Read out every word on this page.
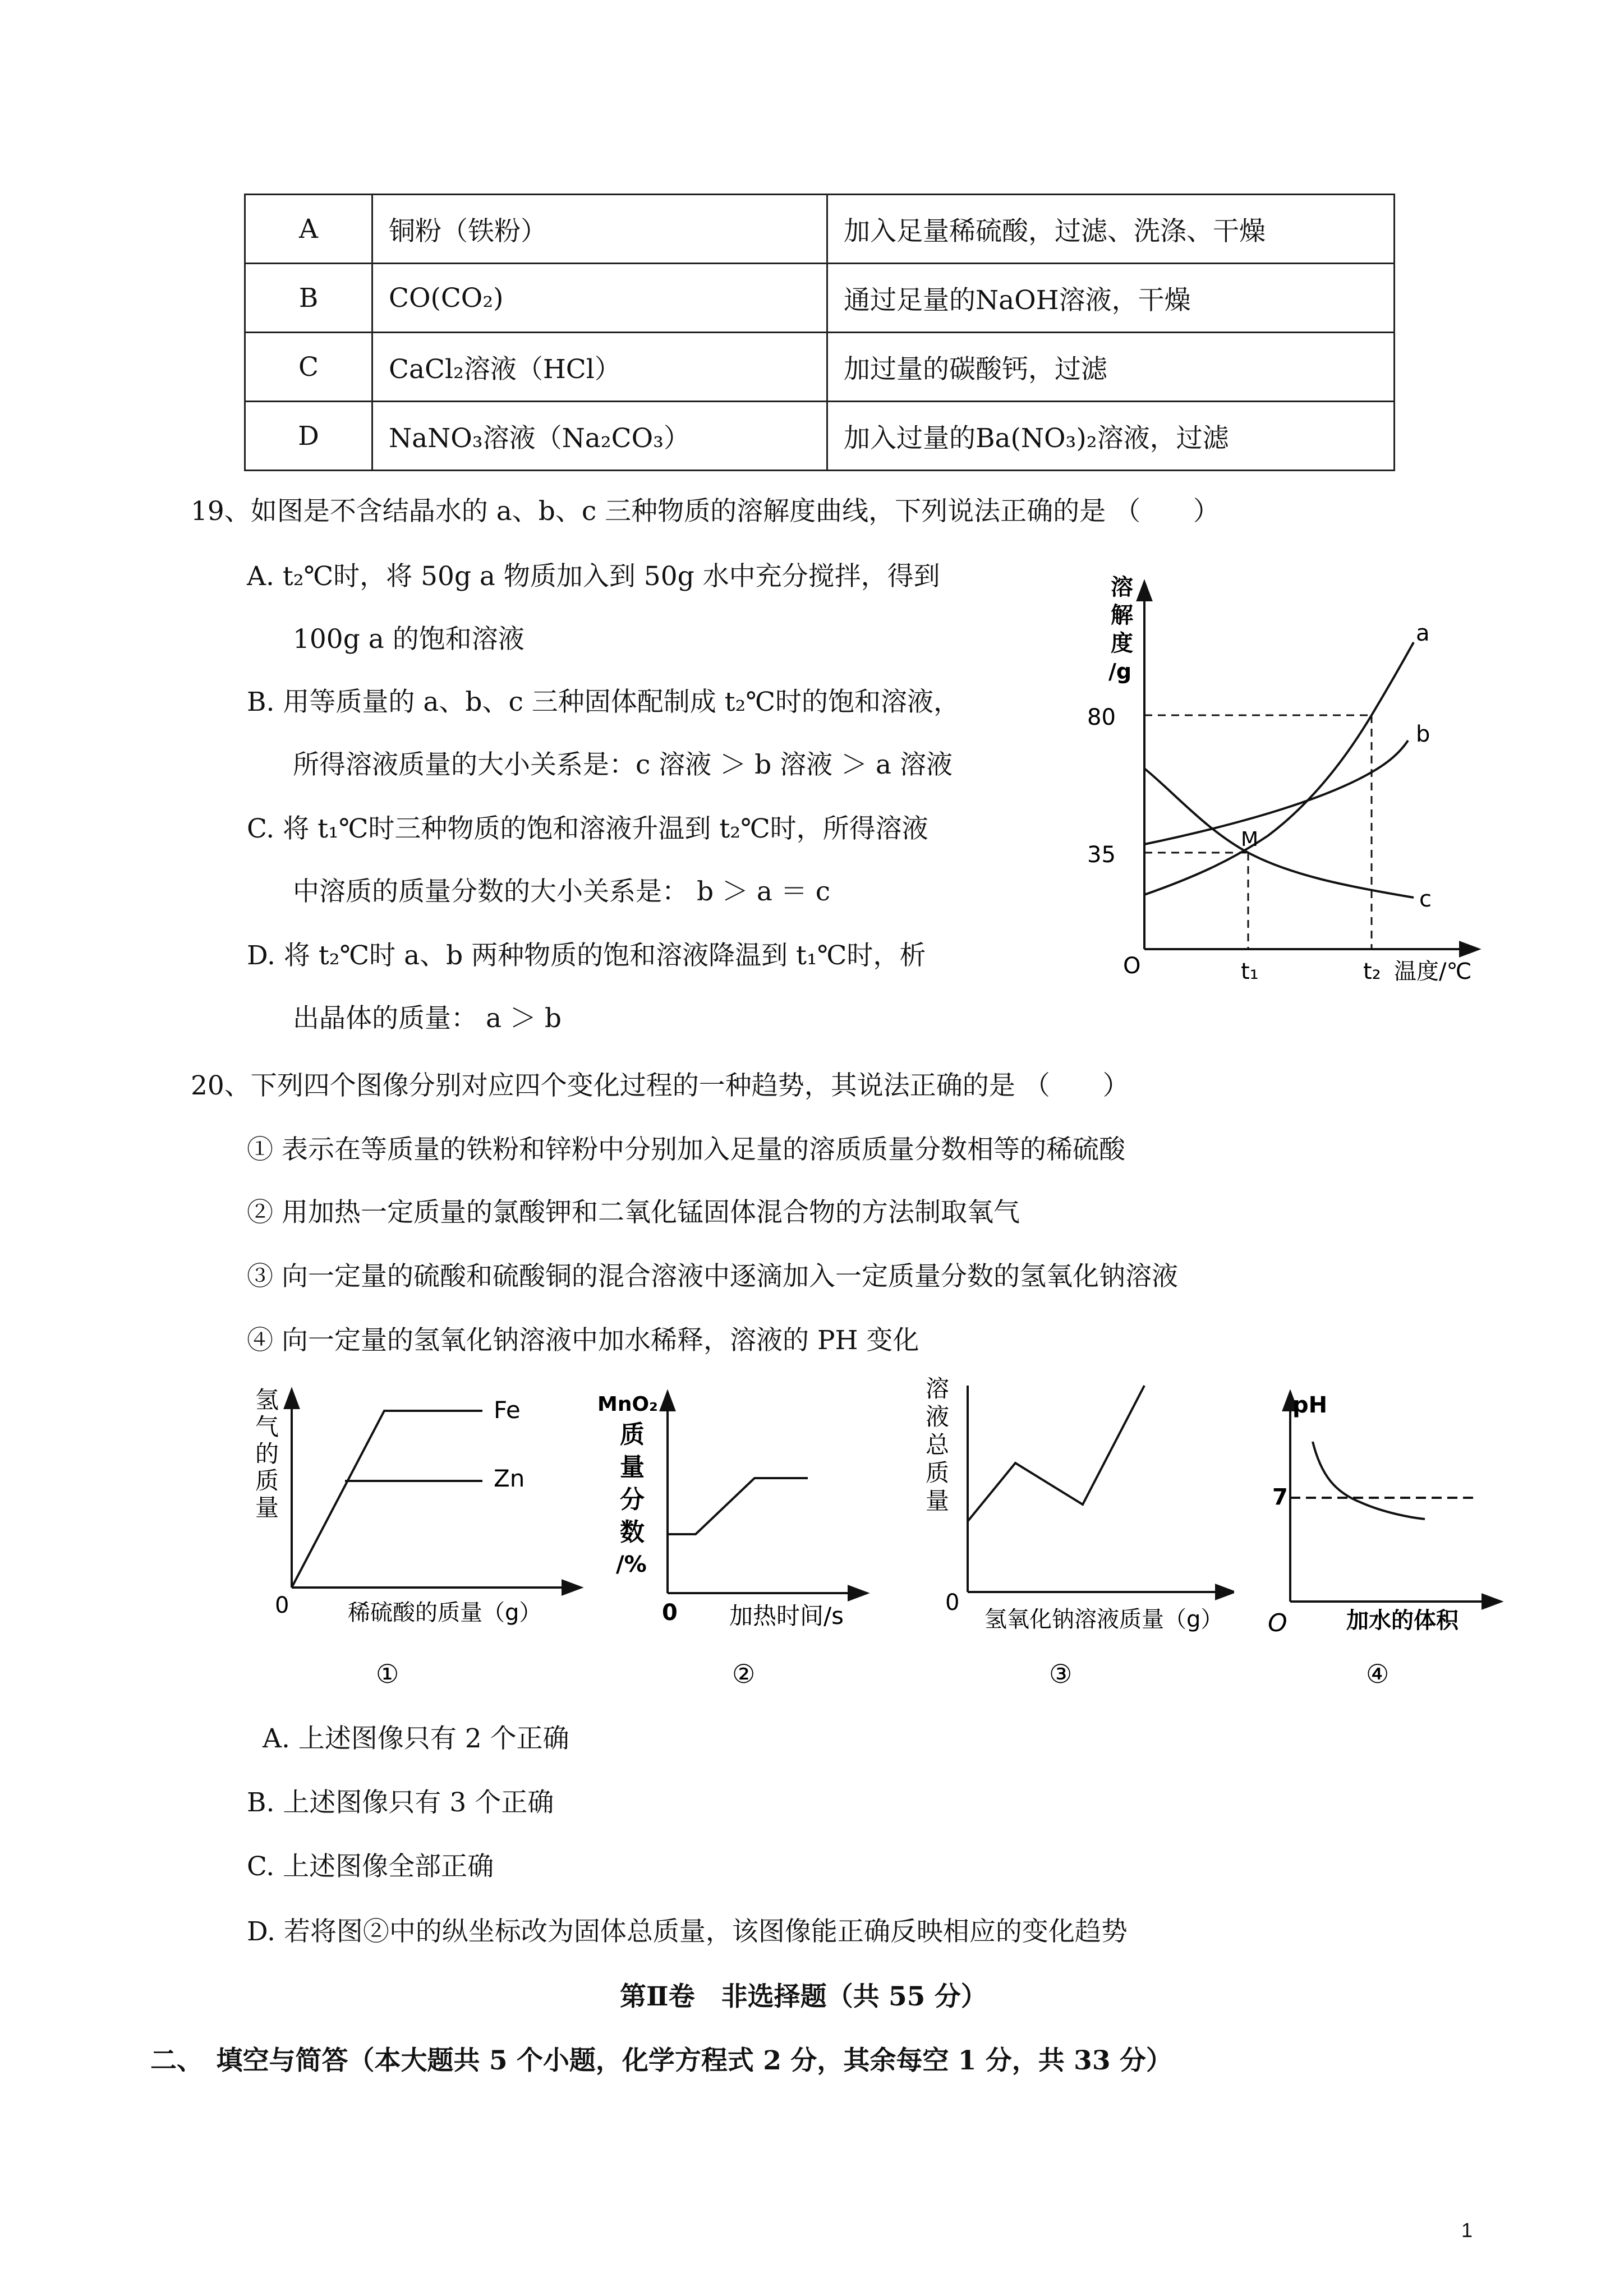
A	铜粉（铁粉）	加入足量稀硫酸，过滤、洗涤、干燥
B	CO(CO₂)	通过足量的NaOH溶液，干燥
C	CaCl₂溶液（HCl）	加过量的碳酸钙，过滤
D	NaNO₃溶液（Na₂CO₃）	加入过量的Ba(NO₃)₂溶液，过滤
19、如图是不含结晶水的 a、b、c 三种物质的溶解度曲线，下列说法正确的是 （　　）
A. t₂℃时，将 50g a 物质加入到 50g 水中充分搅拌，得到
100g a 的饱和溶液
B. 用等质量的 a、b、c 三种固体配制成 t₂℃时的饱和溶液，
所得溶液质量的大小关系是：c 溶液 ＞ b 溶液 ＞ a 溶液
C. 将 t₁℃时三种物质的饱和溶液升温到 t₂℃时，所得溶液
中溶质的质量分数的大小关系是： b ＞ a ＝ c
D. 将 t₂℃时 a、b 两种物质的饱和溶液降温到 t₁℃时，析
出晶体的质量： a ＞ b
溶
解
度
/g
80
35
O	t₁	t₂ 温度/℃
a
b
c
M
20、下列四个图像分别对应四个变化过程的一种趋势，其说法正确的是 （　　）
① 表示在等质量的铁粉和锌粉中分别加入足量的溶质质量分数相等的稀硫酸
② 用加热一定质量的氯酸钾和二氧化锰固体混合物的方法制取氧气
③ 向一定量的硫酸和硫酸铜的混合溶液中逐滴加入一定质量分数的氢氧化钠溶液
④ 向一定量的氢氧化钠溶液中加水稀释，溶液的 PH 变化
氢
气
的
质
量
Fe
Zn
0	稀硫酸的质量（g）
①
MnO₂
质
量
分
数
/%
0 加热时间/s
②
溶
液
总
质
量
0
氢氧化钠溶液质量（g）
③
pH
7
O	加水的体积
④
A. 上述图像只有 2 个正确
B. 上述图像只有 3 个正确
C. 上述图像全部正确
D. 若将图②中的纵坐标改为固体总质量，该图像能正确反映相应的变化趋势
第Ⅱ卷　非选择题（共 55 分）
二、　填空与简答（本大题共 5 个小题，化学方程式 2 分，其余每空 1 分，共 33 分）
1
